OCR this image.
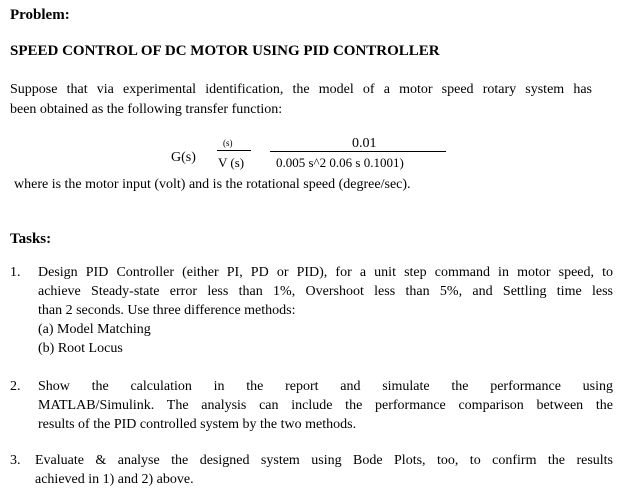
Problem:
SPEED CONTROL OF DC MOTOR USING PID CONTROLLER
Suppose that via experimental identification, the model of a motor speed rotary system has
been obtained as the following transfer function:
G(s)
(s)
V (s)
0.01
0.005 s^2 0.06 s 0.1001)
where is the motor input (volt) and is the rotational speed (degree/sec).
Tasks:
1. Design PID Controller (either PI, PD or PID), for a unit step command in motor speed, to
achieve Steady-state error less than 1%, Overshoot less than 5%, and Settling time less
than 2 seconds. Use three difference methods:
(a) Model Matching
(b) Root Locus
2. Show the calculation in the report and simulate the performance using
MATLAB/Simulink. The analysis can include the performance comparison between the
results of the PID controlled system by the two methods.
3. Evaluate & analyse the designed system using Bode Plots, too, to confirm the results
achieved in 1) and 2) above.
